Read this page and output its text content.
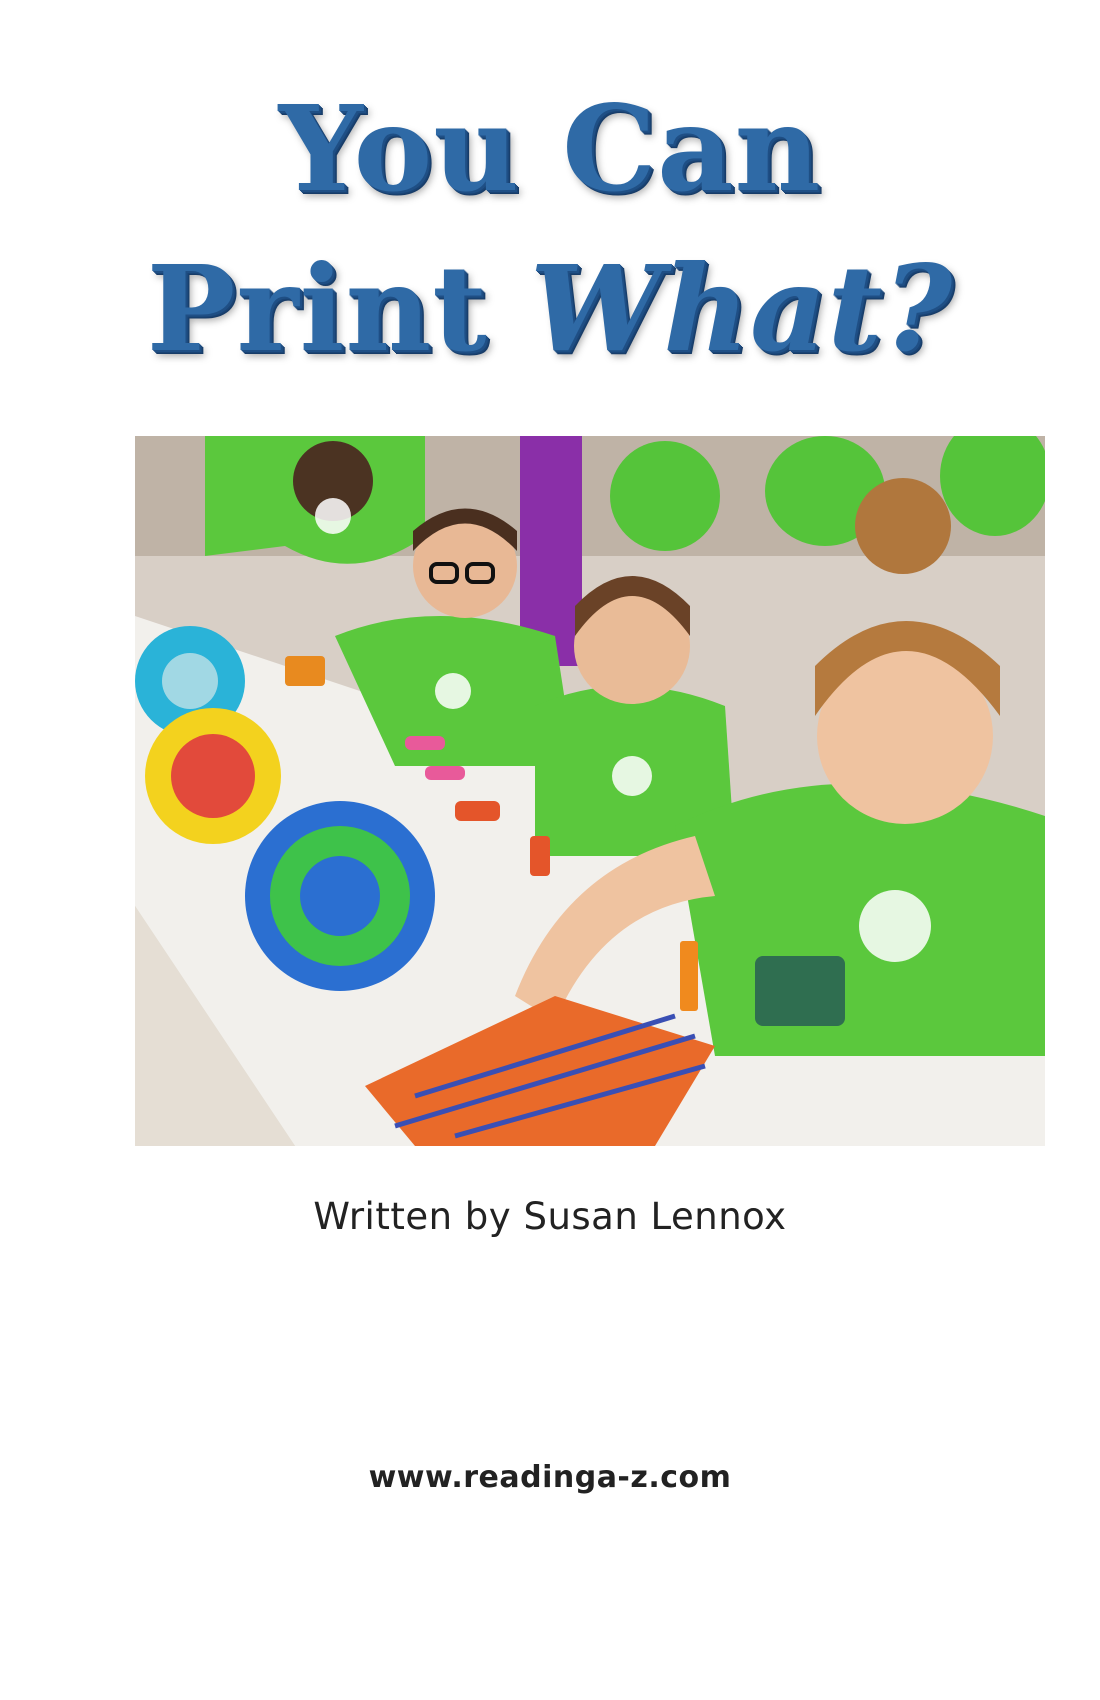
You Can
Print What?
Written by Susan Lennox
www.readinga-z.com
